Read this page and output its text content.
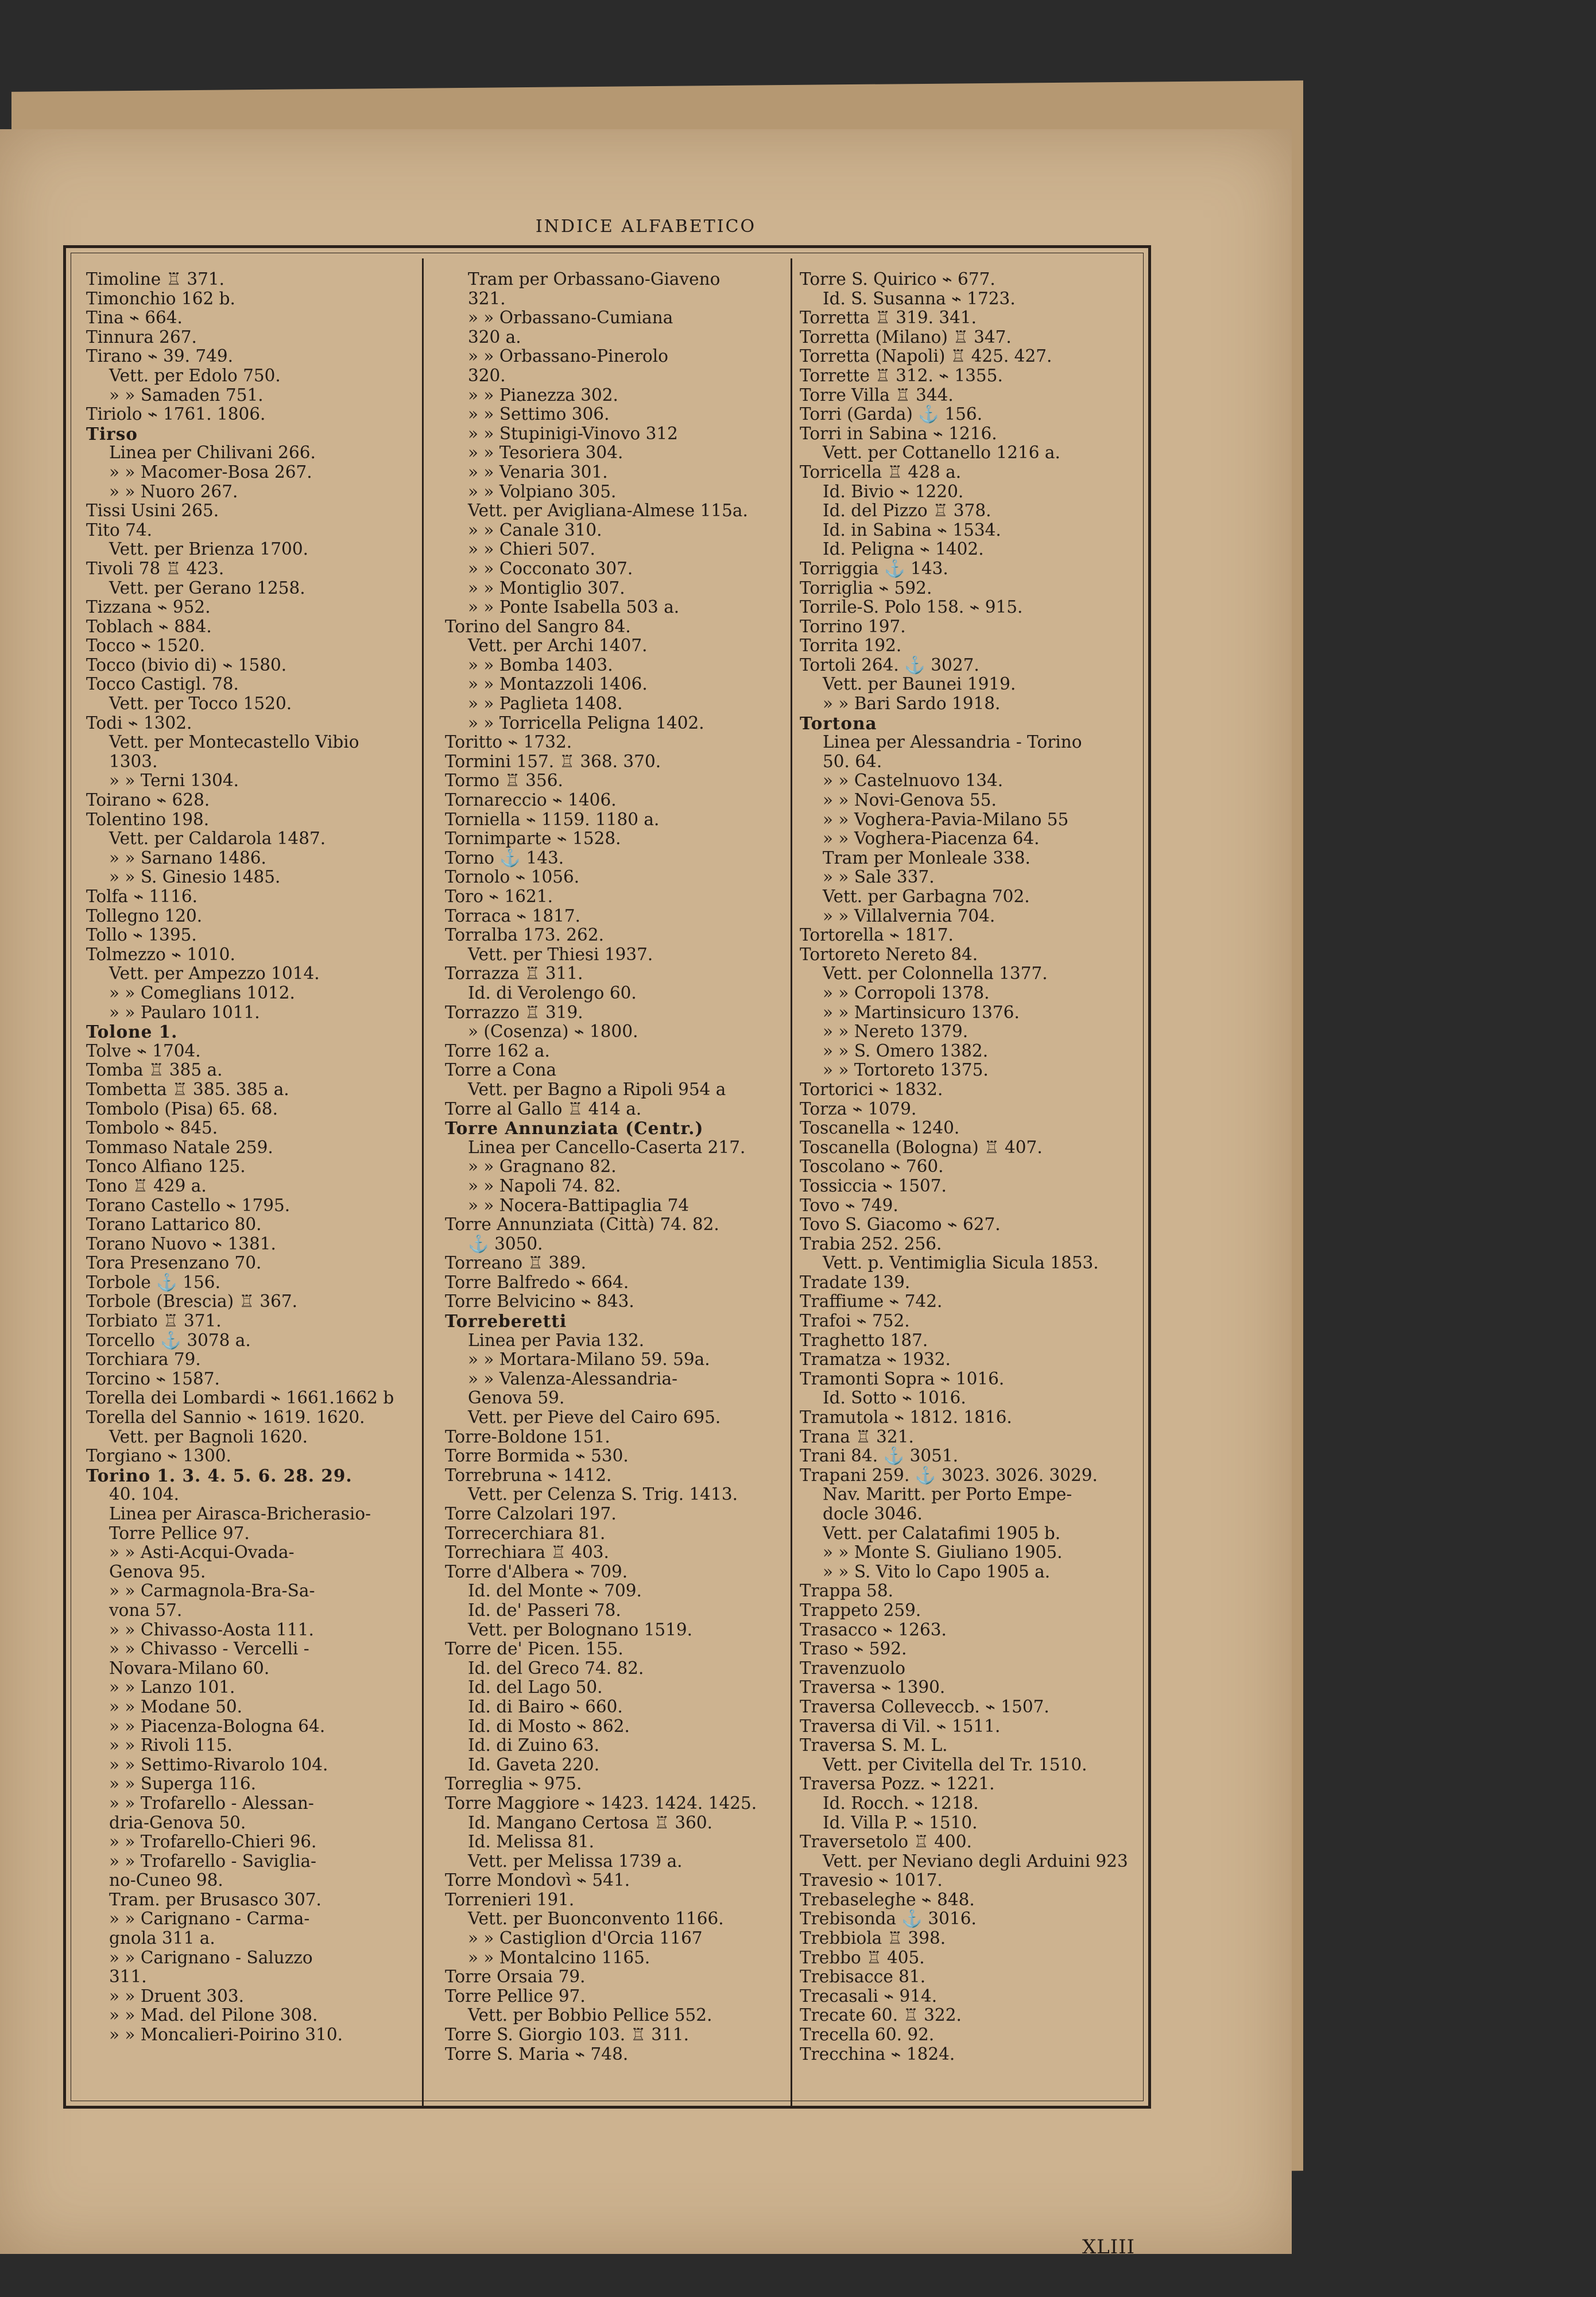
INDICE ALFABETICO
Timoline ♖ 371.
Timonchio 162 b.
Tina ⌁ 664.
Tinnura 267.
Tirano ⌁ 39. 749.
Vett. per Edolo 750.
» » Samaden 751.
Tiriolo ⌁ 1761. 1806.
Tirso
Linea per Chilivani 266.
» » Macomer-Bosa 267.
» » Nuoro 267.
Tissi Usini 265.
Tito 74.
Vett. per Brienza 1700.
Tivoli 78 ♖ 423.
Vett. per Gerano 1258.
Tizzana ⌁ 952.
Toblach ⌁ 884.
Tocco ⌁ 1520.
Tocco (bivio di) ⌁ 1580.
Tocco Castigl. 78.
Vett. per Tocco 1520.
Todi ⌁ 1302.
Vett. per Montecastello Vibio
1303.
» » Terni 1304.
Toirano ⌁ 628.
Tolentino 198.
Vett. per Caldarola 1487.
» » Sarnano 1486.
» » S. Ginesio 1485.
Tolfa ⌁ 1116.
Tollegno 120.
Tollo ⌁ 1395.
Tolmezzo ⌁ 1010.
Vett. per Ampezzo 1014.
» » Comeglians 1012.
» » Paularo 1011.
Tolone 1.
Tolve ⌁ 1704.
Tomba ♖ 385 a.
Tombetta ♖ 385. 385 a.
Tombolo (Pisa) 65. 68.
Tombolo ⌁ 845.
Tommaso Natale 259.
Tonco Alfiano 125.
Tono ♖ 429 a.
Torano Castello ⌁ 1795.
Torano Lattarico 80.
Torano Nuovo ⌁ 1381.
Tora Presenzano 70.
Torbole ⚓ 156.
Torbole (Brescia) ♖ 367.
Torbiato ♖ 371.
Torcello ⚓ 3078 a.
Torchiara 79.
Torcino ⌁ 1587.
Torella dei Lombardi ⌁ 1661.1662 b
Torella del Sannio ⌁ 1619. 1620.
Vett. per Bagnoli 1620.
Torgiano ⌁ 1300.
Torino 1. 3. 4. 5. 6. 28. 29.
40. 104.
Linea per Airasca-Bricherasio-
Torre Pellice 97.
» » Asti-Acqui-Ovada-
Genova 95.
» » Carmagnola-Bra-Sa-
vona 57.
» » Chivasso-Aosta 111.
» » Chivasso - Vercelli -
Novara-Milano 60.
» » Lanzo 101.
» » Modane 50.
» » Piacenza-Bologna 64.
» » Rivoli 115.
» » Settimo-Rivarolo 104.
» » Superga 116.
» » Trofarello - Alessan-
dria-Genova 50.
» » Trofarello-Chieri 96.
» » Trofarello - Saviglia-
no-Cuneo 98.
Tram. per Brusasco 307.
» » Carignano - Carma-
gnola 311 a.
» » Carignano - Saluzzo
311.
» » Druent 303.
» » Mad. del Pilone 308.
» » Moncalieri-Poirino 310.
Tram per Orbassano-Giaveno
321.
» » Orbassano-Cumiana
320 a.
» » Orbassano-Pinerolo
320.
» » Pianezza 302.
» » Settimo 306.
» » Stupinigi-Vinovo 312
» » Tesoriera 304.
» » Venaria 301.
» » Volpiano 305.
Vett. per Avigliana-Almese 115a.
» » Canale 310.
» » Chieri 507.
» » Cocconato 307.
» » Montiglio 307.
» » Ponte Isabella 503 a.
Torino del Sangro 84.
Vett. per Archi 1407.
» » Bomba 1403.
» » Montazzoli 1406.
» » Paglieta 1408.
» » Torricella Peligna 1402.
Toritto ⌁ 1732.
Tormini 157. ♖ 368. 370.
Tormo ♖ 356.
Tornareccio ⌁ 1406.
Torniella ⌁ 1159. 1180 a.
Tornimparte ⌁ 1528.
Torno ⚓ 143.
Tornolo ⌁ 1056.
Toro ⌁ 1621.
Torraca ⌁ 1817.
Torralba 173. 262.
Vett. per Thiesi 1937.
Torrazza ♖ 311.
Id. di Verolengo 60.
Torrazzo ♖ 319.
» (Cosenza) ⌁ 1800.
Torre 162 a.
Torre a Cona
Vett. per Bagno a Ripoli 954 a
Torre al Gallo ♖ 414 a.
Torre Annunziata (Centr.)
Linea per Cancello-Caserta 217.
» » Gragnano 82.
» » Napoli 74. 82.
» » Nocera-Battipaglia 74
Torre Annunziata (Città) 74. 82.
⚓ 3050.
Torreano ♖ 389.
Torre Balfredo ⌁ 664.
Torre Belvicino ⌁ 843.
Torreberetti
Linea per Pavia 132.
» » Mortara-Milano 59. 59a.
» » Valenza-Alessandria-
Genova 59.
Vett. per Pieve del Cairo 695.
Torre-Boldone 151.
Torre Bormida ⌁ 530.
Torrebruna ⌁ 1412.
Vett. per Celenza S. Trig. 1413.
Torre Calzolari 197.
Torrecerchiara 81.
Torrechiara ♖ 403.
Torre d'Albera ⌁ 709.
Id. del Monte ⌁ 709.
Id. de' Passeri 78.
Vett. per Bolognano 1519.
Torre de' Picen. 155.
Id. del Greco 74. 82.
Id. del Lago 50.
Id. di Bairo ⌁ 660.
Id. di Mosto ⌁ 862.
Id. di Zuino 63.
Id. Gaveta 220.
Torreglia ⌁ 975.
Torre Maggiore ⌁ 1423. 1424. 1425.
Id. Mangano Certosa ♖ 360.
Id. Melissa 81.
Vett. per Melissa 1739 a.
Torre Mondovì ⌁ 541.
Torrenieri 191.
Vett. per Buonconvento 1166.
» » Castiglion d'Orcia 1167
» » Montalcino 1165.
Torre Orsaia 79.
Torre Pellice 97.
Vett. per Bobbio Pellice 552.
Torre S. Giorgio 103. ♖ 311.
Torre S. Maria ⌁ 748.
Torre S. Quirico ⌁ 677.
Id. S. Susanna ⌁ 1723.
Torretta ♖ 319. 341.
Torretta (Milano) ♖ 347.
Torretta (Napoli) ♖ 425. 427.
Torrette ♖ 312. ⌁ 1355.
Torre Villa ♖ 344.
Torri (Garda) ⚓ 156.
Torri in Sabina ⌁ 1216.
Vett. per Cottanello 1216 a.
Torricella ♖ 428 a.
Id. Bivio ⌁ 1220.
Id. del Pizzo ♖ 378.
Id. in Sabina ⌁ 1534.
Id. Peligna ⌁ 1402.
Torriggia ⚓ 143.
Torriglia ⌁ 592.
Torrile-S. Polo 158. ⌁ 915.
Torrino 197.
Torrita 192.
Tortoli 264. ⚓ 3027.
Vett. per Baunei 1919.
» » Bari Sardo 1918.
Tortona
Linea per Alessandria - Torino
50. 64.
» » Castelnuovo 134.
» » Novi-Genova 55.
» » Voghera-Pavia-Milano 55
» » Voghera-Piacenza 64.
Tram per Monleale 338.
» » Sale 337.
Vett. per Garbagna 702.
» » Villalvernia 704.
Tortorella ⌁ 1817.
Tortoreto Nereto 84.
Vett. per Colonnella 1377.
» » Corropoli 1378.
» » Martinsicuro 1376.
» » Nereto 1379.
» » S. Omero 1382.
» » Tortoreto 1375.
Tortorici ⌁ 1832.
Torza ⌁ 1079.
Toscanella ⌁ 1240.
Toscanella (Bologna) ♖ 407.
Toscolano ⌁ 760.
Tossiccia ⌁ 1507.
Tovo ⌁ 749.
Tovo S. Giacomo ⌁ 627.
Trabia 252. 256.
Vett. p. Ventimiglia Sicula 1853.
Tradate 139.
Traffiume ⌁ 742.
Trafoi ⌁ 752.
Traghetto 187.
Tramatza ⌁ 1932.
Tramonti Sopra ⌁ 1016.
Id. Sotto ⌁ 1016.
Tramutola ⌁ 1812. 1816.
Trana ♖ 321.
Trani 84. ⚓ 3051.
Trapani 259. ⚓ 3023. 3026. 3029.
Nav. Maritt. per Porto Empe-
docle 3046.
Vett. per Calatafimi 1905 b.
» » Monte S. Giuliano 1905.
» » S. Vito lo Capo 1905 a.
Trappa 58.
Trappeto 259.
Trasacco ⌁ 1263.
Traso ⌁ 592.
Travenzuolo
Traversa ⌁ 1390.
Traversa Colleveccb. ⌁ 1507.
Traversa di Vil. ⌁ 1511.
Traversa S. M. L.
Vett. per Civitella del Tr. 1510.
Traversa Pozz. ⌁ 1221.
Id. Rocch. ⌁ 1218.
Id. Villa P. ⌁ 1510.
Traversetolo ♖ 400.
Vett. per Neviano degli Arduini 923
Travesio ⌁ 1017.
Trebaseleghe ⌁ 848.
Trebisonda ⚓ 3016.
Trebbiola ♖ 398.
Trebbo ♖ 405.
Trebisacce 81.
Trecasali ⌁ 914.
Trecate 60. ♖ 322.
Trecella 60. 92.
Trecchina ⌁ 1824.
XLIII
